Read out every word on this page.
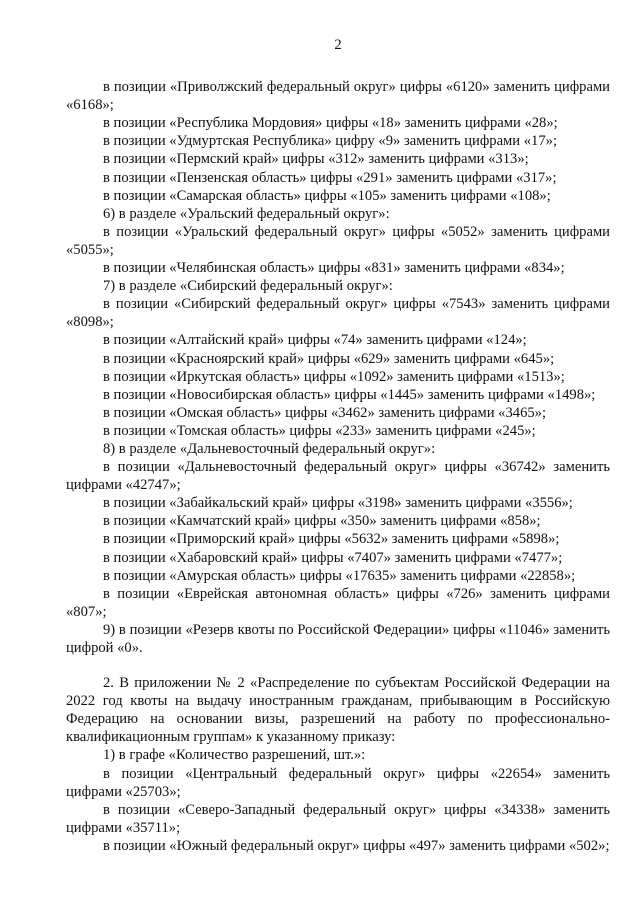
2

в позиции «Приволжский федеральный округ» цифры «6120» заменить цифрами «6168»;

в позиции «Республика Мордовия» цифры «18» заменить цифрами «28»;

в позиции «Удмуртская Республика» цифру «9» заменить цифрами «17»;

в позиции «Пермский край» цифры «312» заменить цифрами «313»;

в позиции «Пензенская область» цифры «291» заменить цифрами «317»;

в позиции «Самарская область» цифры «105» заменить цифрами «108»;

6) в разделе «Уральский федеральный округ»:

в позиции «Уральский федеральный округ» цифры «5052» заменить цифрами «5055»;

в позиции «Челябинская область» цифры «831» заменить цифрами «834»;

7) в разделе «Сибирский федеральный округ»:

в позиции «Сибирский федеральный округ» цифры «7543» заменить цифрами «8098»;

в позиции «Алтайский край» цифры «74» заменить цифрами «124»;

в позиции «Красноярский край» цифры «629» заменить цифрами «645»;

в позиции «Иркутская область» цифры «1092» заменить цифрами «1513»;

в позиции «Новосибирская область» цифры «1445» заменить цифрами «1498»;

в позиции «Омская область» цифры «3462» заменить цифрами «3465»;

в позиции «Томская область» цифры «233» заменить цифрами «245»;

8) в разделе «Дальневосточный федеральный округ»:

в позиции «Дальневосточный федеральный округ» цифры «36742» заменить цифрами «42747»;

в позиции «Забайкальский край» цифры «3198» заменить цифрами «3556»;

в позиции «Камчатский край» цифры «350» заменить цифрами «858»;

в позиции «Приморский край» цифры «5632» заменить цифрами «5898»;

в позиции «Хабаровский край» цифры «7407» заменить цифрами «7477»;

в позиции «Амурская область» цифры «17635» заменить цифрами «22858»;

в позиции «Еврейская автономная область» цифры «726» заменить цифрами «807»;

9) в позиции «Резерв квоты по Российской Федерации» цифры «11046» заменить цифрой «0».

2. В приложении № 2 «Распределение по субъектам Российской Федерации на 2022 год квоты на выдачу иностранным гражданам, прибывающим в Российскую Федерацию на основании визы, разрешений на работу по профессионально-квалификационным группам» к указанному приказу:

1) в графе «Количество разрешений, шт.»:

в позиции «Центральный федеральный округ» цифры «22654» заменить цифрами «25703»;

в позиции «Северо-Западный федеральный округ» цифры «34338» заменить цифрами «35711»;

в позиции «Южный федеральный округ» цифры «497» заменить цифрами «502»;
